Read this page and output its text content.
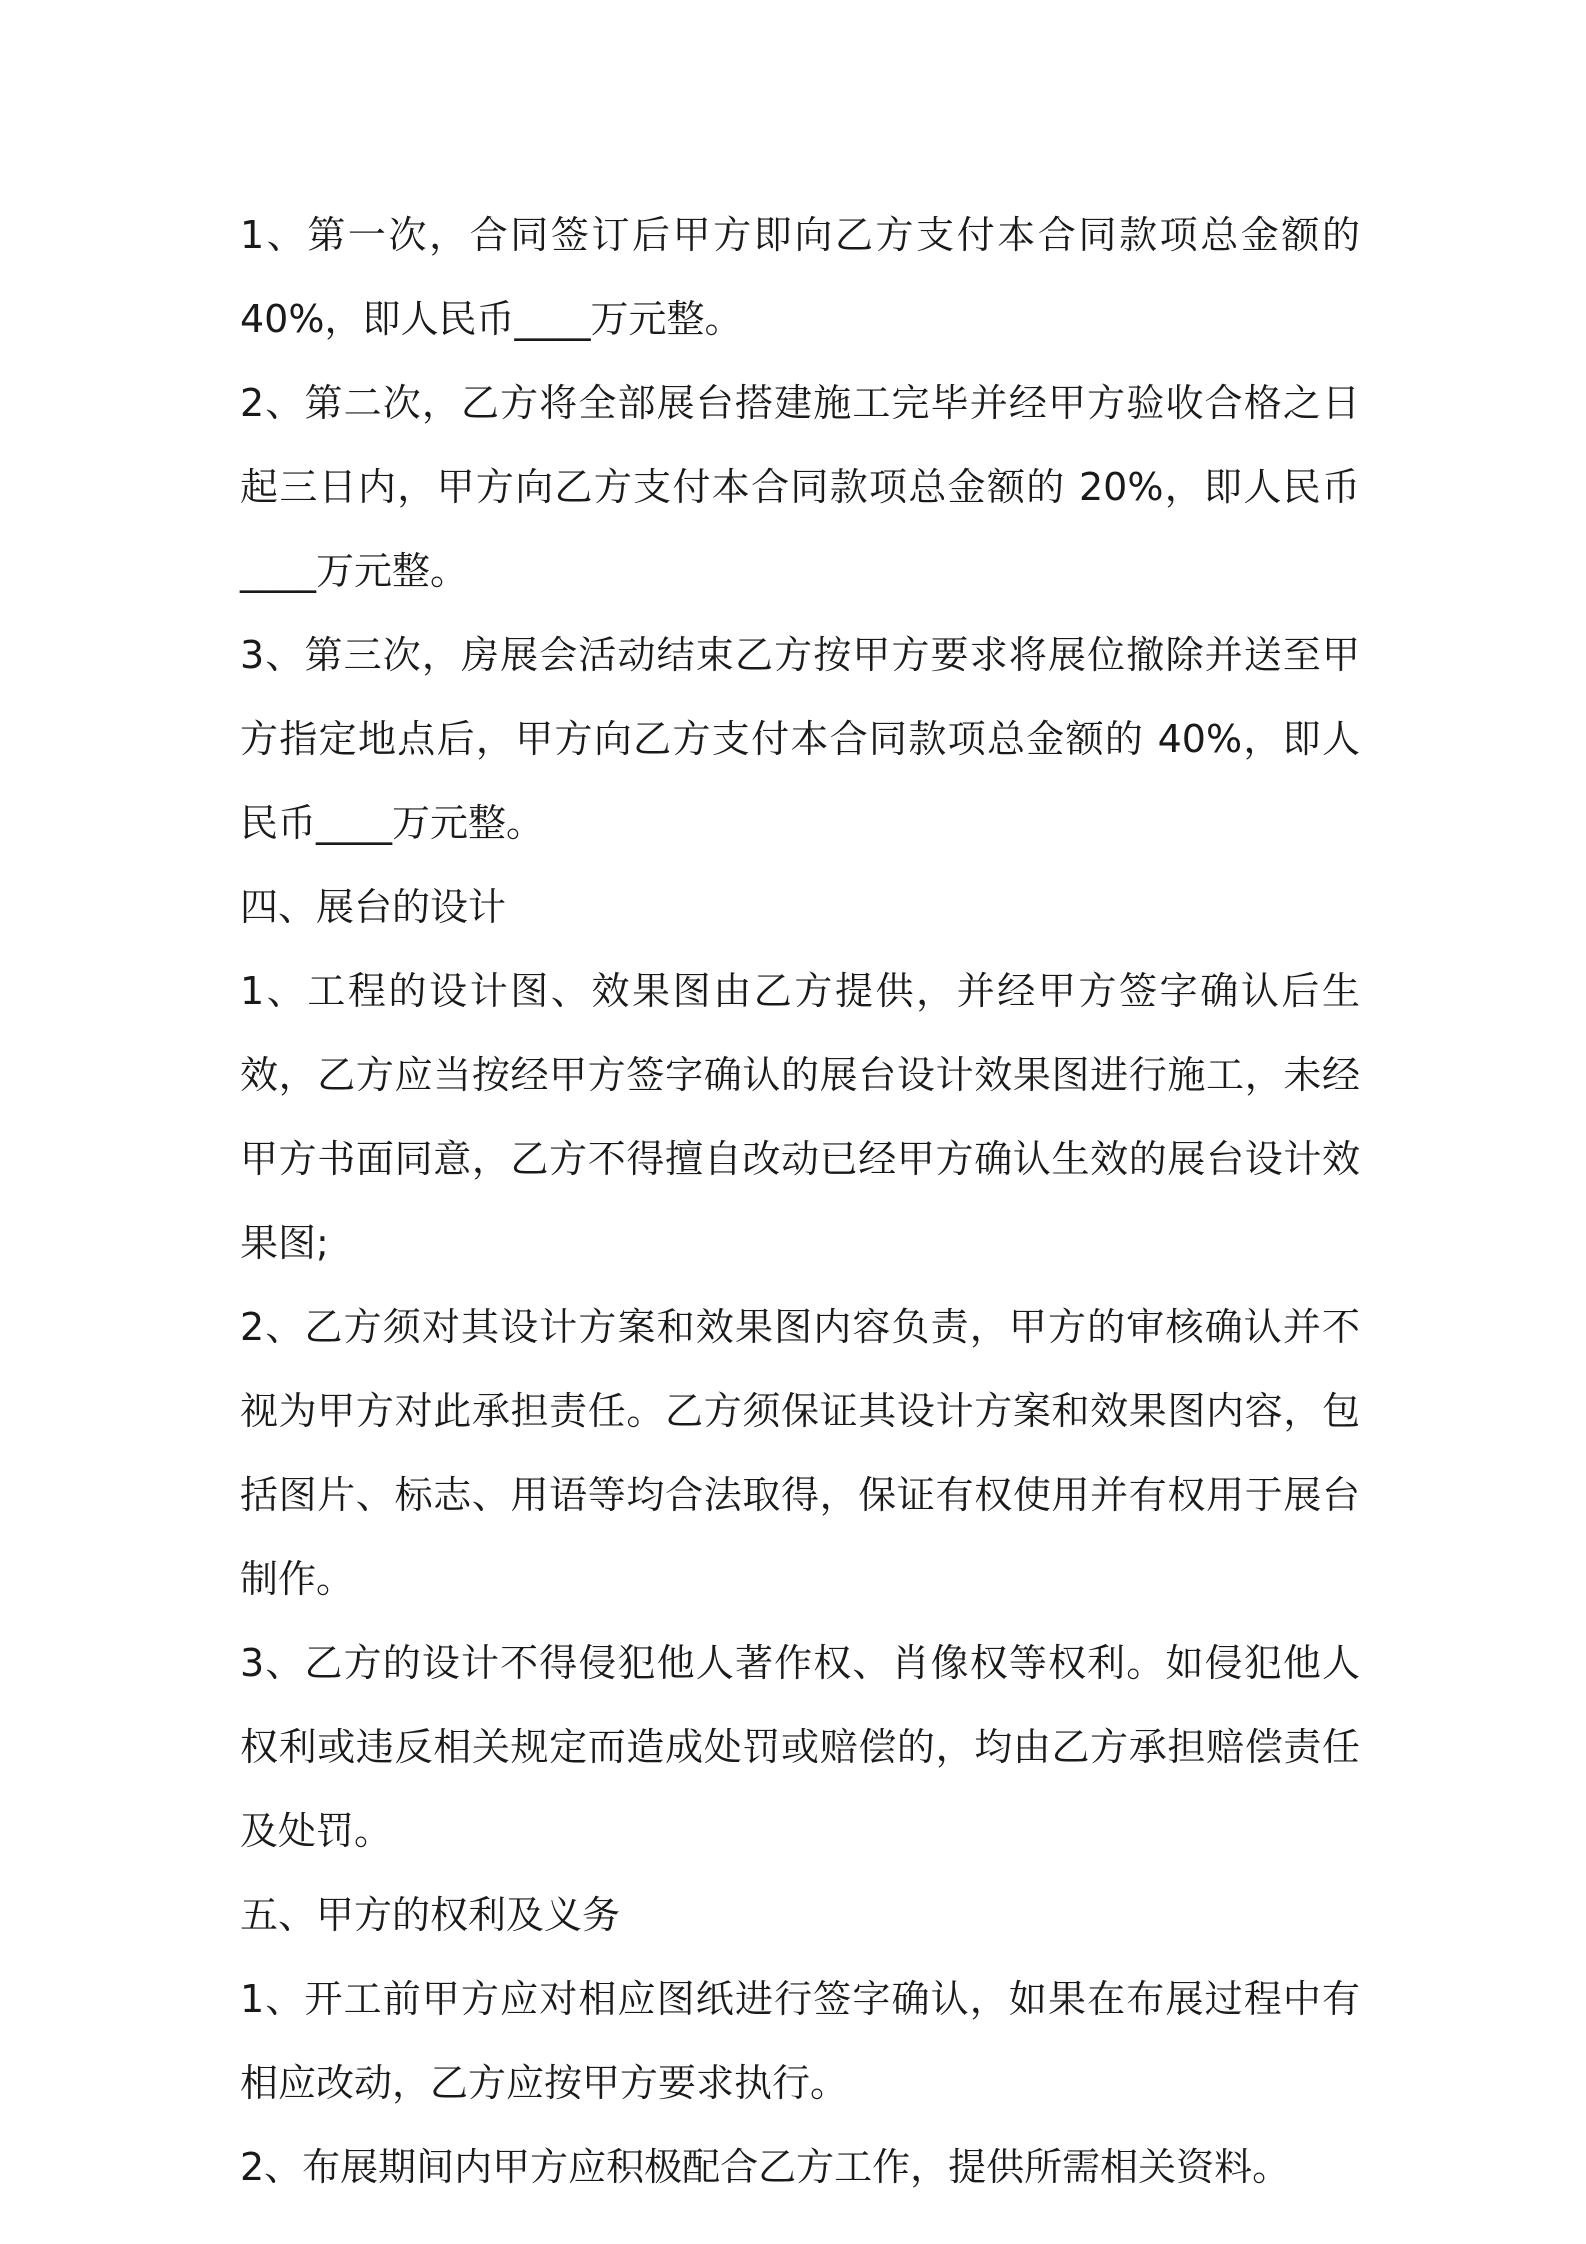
1、第一次，合同签订后甲方即向乙方支付本合同款项总金额的40%，即人民币____万元整。

2、第二次，乙方将全部展台搭建施工完毕并经甲方验收合格之日起三日内，甲方向乙方支付本合同款项总金额的 20%，即人民币____万元整。

3、第三次，房展会活动结束乙方按甲方要求将展位撤除并送至甲方指定地点后，甲方向乙方支付本合同款项总金额的 40%，即人民币____万元整。

四、展台的设计

1、工程的设计图、效果图由乙方提供，并经甲方签字确认后生效，乙方应当按经甲方签字确认的展台设计效果图进行施工，未经甲方书面同意，乙方不得擅自改动已经甲方确认生效的展台设计效果图;

2、乙方须对其设计方案和效果图内容负责，甲方的审核确认并不视为甲方对此承担责任。乙方须保证其设计方案和效果图内容，包括图片、标志、用语等均合法取得，保证有权使用并有权用于展台制作。

3、乙方的设计不得侵犯他人著作权、肖像权等权利。如侵犯他人权利或违反相关规定而造成处罚或赔偿的，均由乙方承担赔偿责任及处罚。

五、甲方的权利及义务

1、开工前甲方应对相应图纸进行签字确认，如果在布展过程中有相应改动，乙方应按甲方要求执行。

2、布展期间内甲方应积极配合乙方工作，提供所需相关资料。
